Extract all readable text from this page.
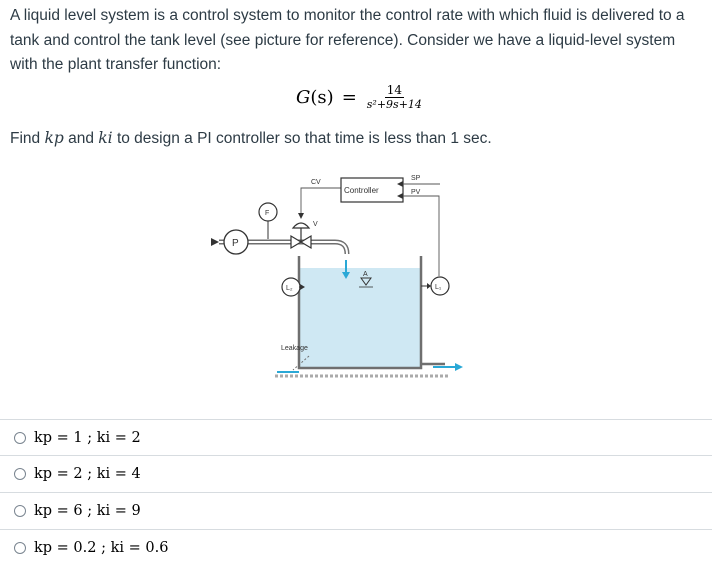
A liquid level system is a control system to monitor the control rate with which fluid is delivered to a tank and control the tank level (see picture for reference). Consider we have a liquid-level system with the plant transfer function:
$G(s) = \frac{14}{\text{s²+9s+14}}$
Find kp and ki to design a PI controller so that time is less than 1 sec.
Leakage
A
P
F
V
CV
Controller
SP
PV
L₁
L₂
kp = 1 ; ki = 2
kp = 2 ; ki = 4
kp = 6 ; ki = 9
kp = 0.2 ; ki = 0.6
